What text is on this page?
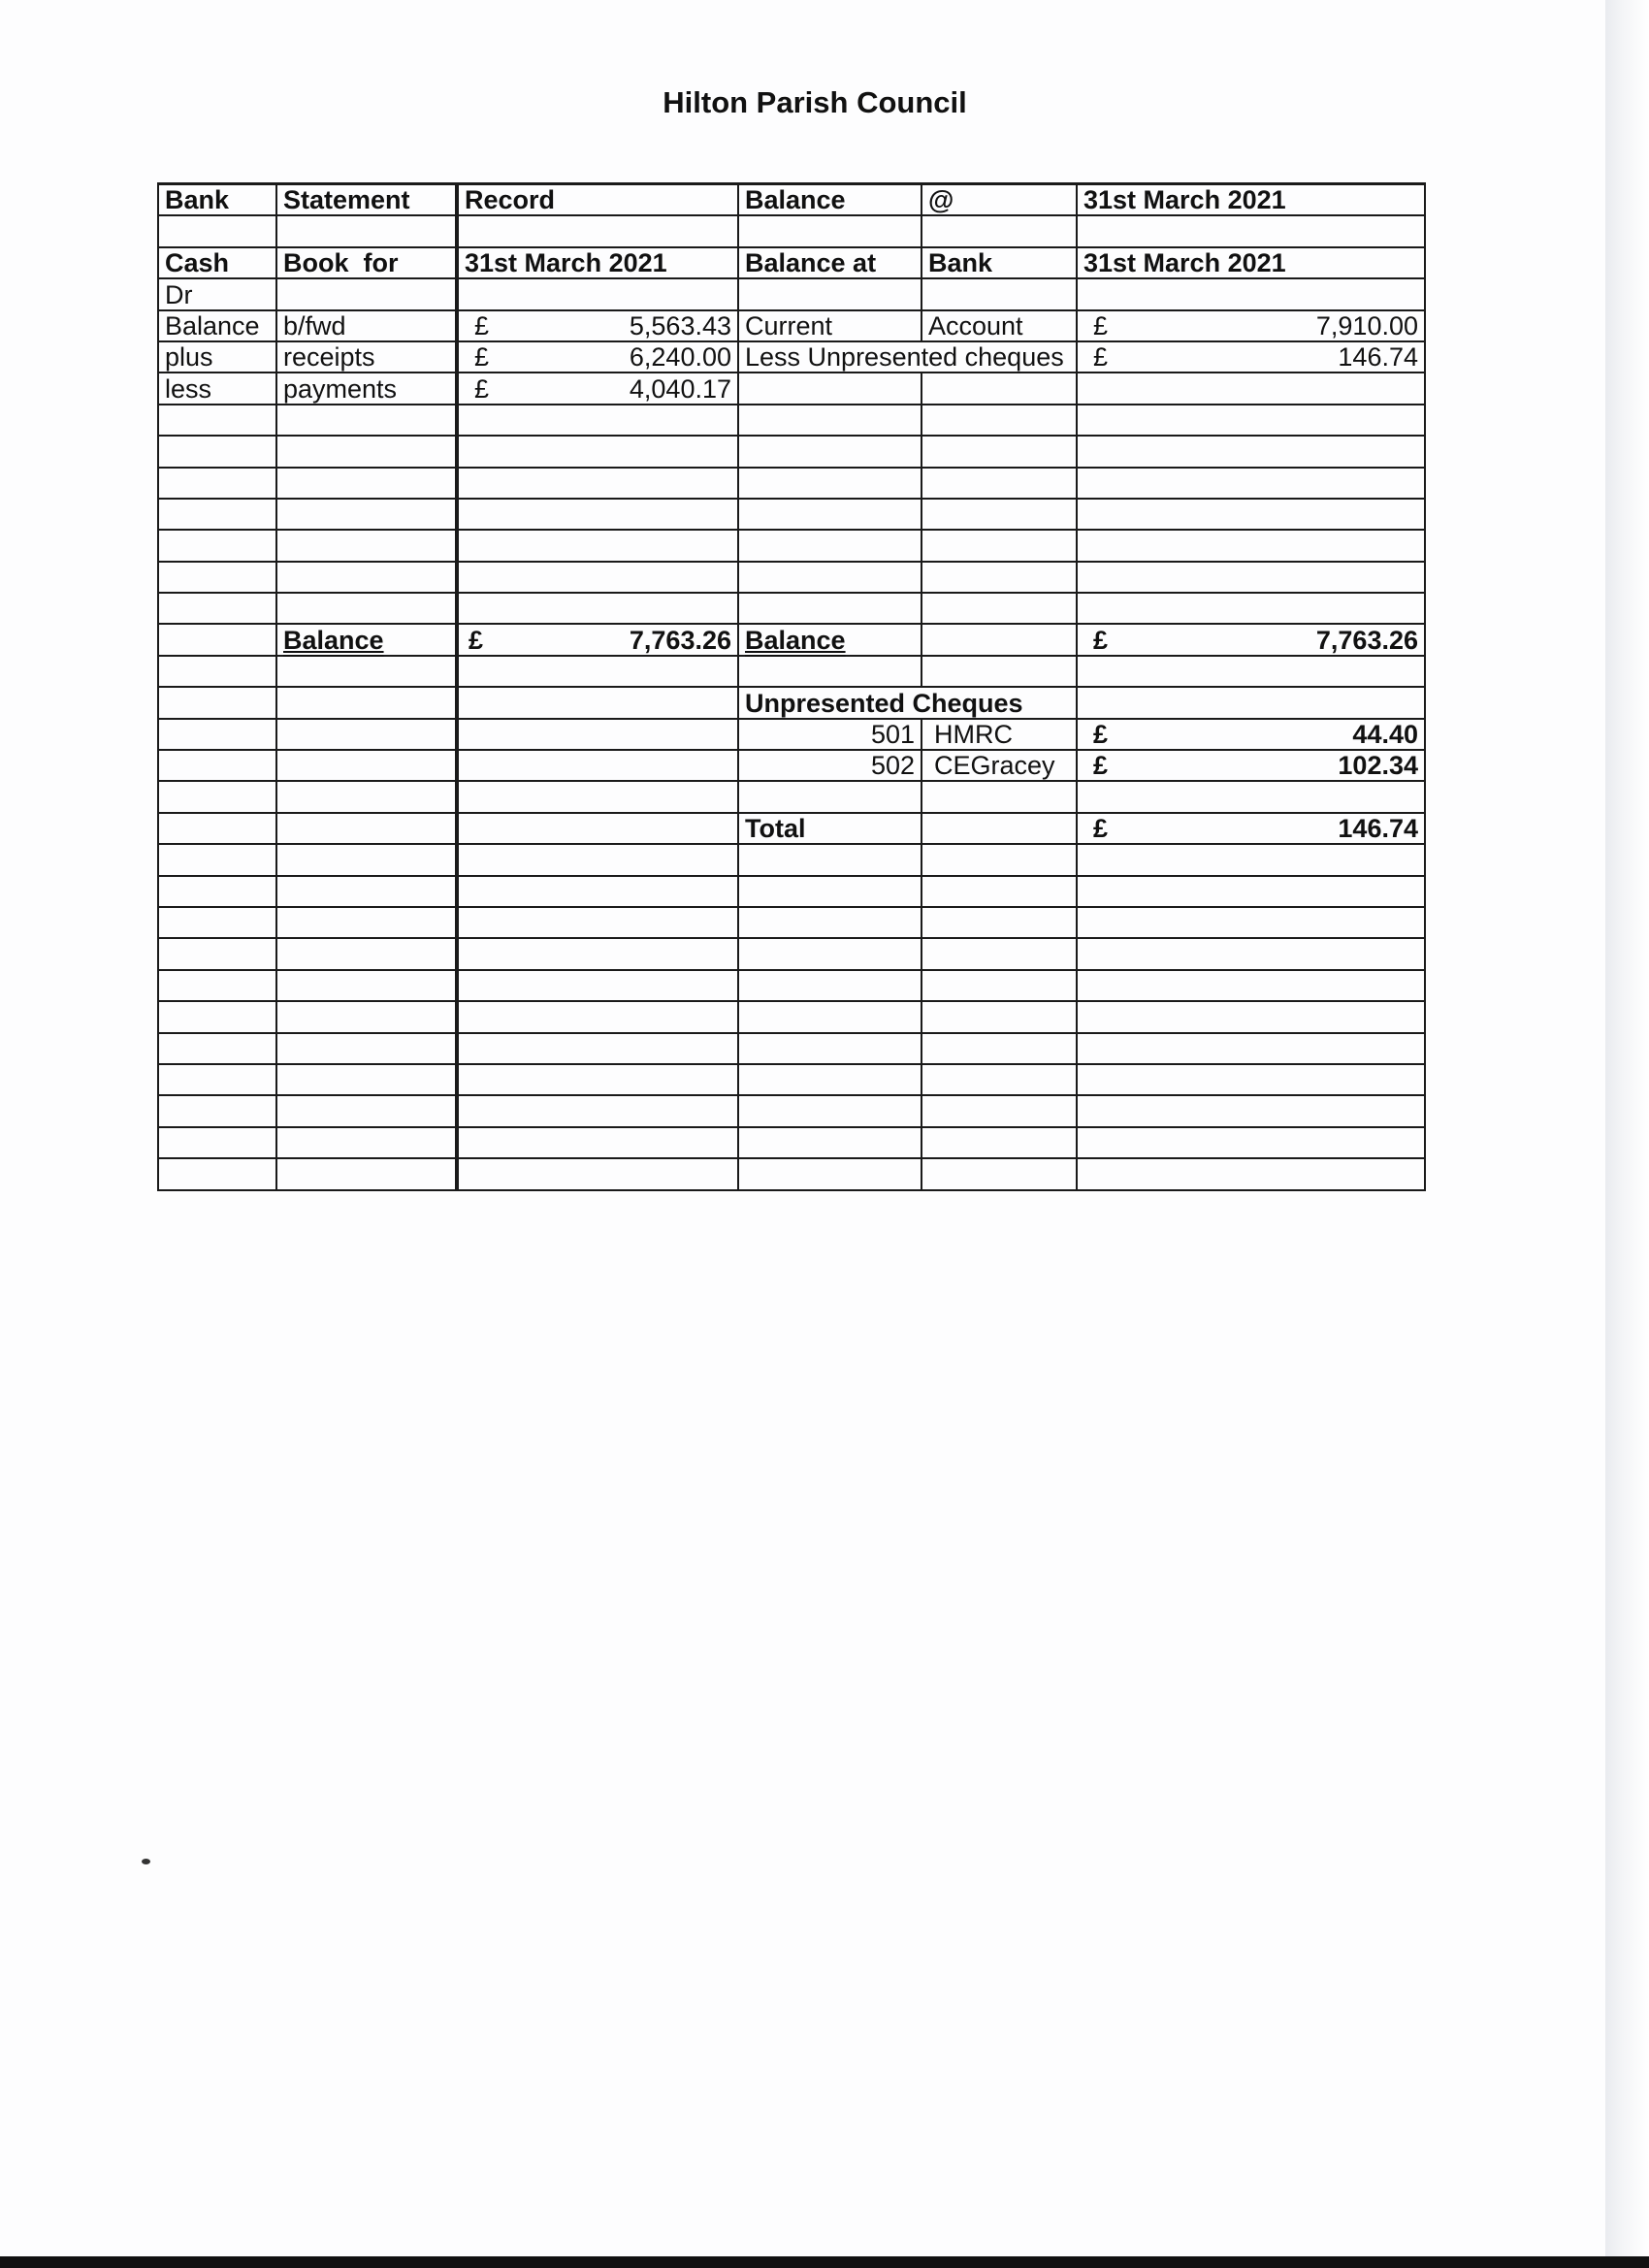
Hilton Parish Council
Bank	Statement	Record	Balance	@	31st March 2021

Cash	Book  for	31st March 2021	Balance at	Bank	31st March 2021
Dr					
Balance	b/fwd	£ 5,563.43	Current	Account	£ 7,910.00

plus	receipts	£ 6,240.00	Less Unpresented cheques		£ 146.74

less	payments	£ 4,040.17			

	Balance	£ 7,763.26	Balance		£ 7,763.26

			Unpresented Cheques		
			501	HMRC	£ 44.40

			502	CEGracey	£ 102.34

			Total		£ 146.74
